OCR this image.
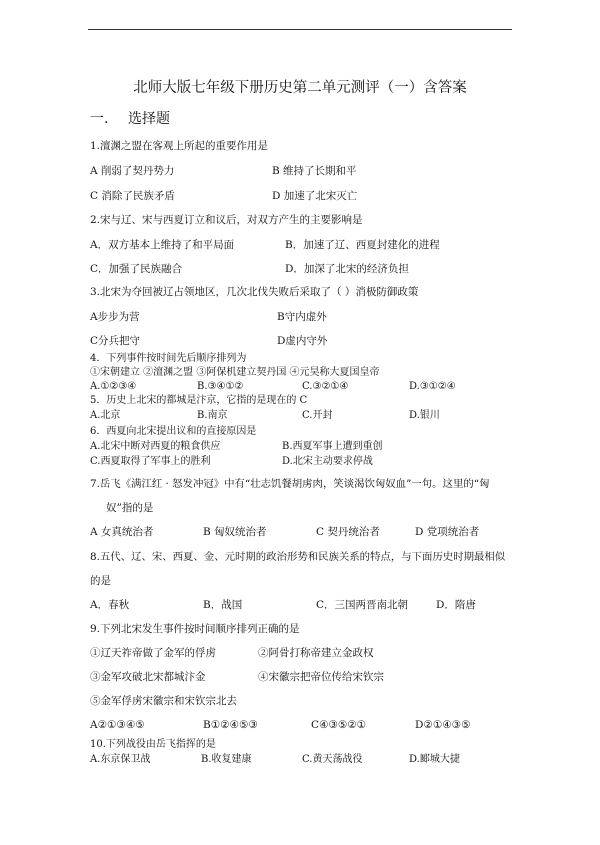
北师大版七年级下册历史第二单元测评（一）含答案
一. 选择题
1.澶渊之盟在客观上所起的重要作用是
A 削弱了契丹势力	B 维持了长期和平
C 消除了民族矛盾	D 加速了北宋灭亡
2.宋与辽、宋与西夏订立和议后，对双方产生的主要影响是
A．双方基本上维持了和平局面	B．加速了辽、西夏封建化的进程
C．加强了民族融合	D．加深了北宋的经济负担
3.北宋为夺回被辽占领地区，几次北伐失败后采取了（ ）消极防御政策
A步步为营	B守内虚外
C分兵把守	D虚内守外
4．下列事件按时间先后顺序排列为
①宋朝建立 ②澶渊之盟 ③阿保机建立契丹国 ④元昊称大夏国皇帝
A.①②③④	B.③④①②	C.③②①④	D.③①②④
5．历史上北宋的都城是汴京，它指的是现在的 C
A.北京	B.南京	C.开封	D.银川
6．西夏向北宋提出议和的直接原因是
A.北宋中断对西夏的粮食供应	B.西夏军事上遭到重创
C.西夏取得了军事上的胜利	D.北宋主动要求停战
7.岳飞《满江红 · 怒发冲冠》中有“壮志饥餐胡虏肉，笑谈渴饮匈奴血”一句。这里的“匈
奴”指的是
A 女真统治者	B 匈奴统治者	C 契丹统治者	D 党项统治者
8.五代、辽、宋、西夏、金、元时期的政治形势和民族关系的特点，与下面历史时期最相似
的是
A．春秋	B．战国	C．三国两晋南北朝	D．隋唐
9.下列北宋发生事件按时间顺序排列正确的是
①辽天祚帝做了金军的俘虏	②阿骨打称帝建立金政权
③金军攻破北宋都城汴金	④宋徽宗把帝位传给宋钦宗
⑤金军俘虏宋徽宗和宋钦宗北去
A②①③④⑤	B①②④⑤③	C④③⑤②①	D②①④③⑤
10.下列战役由岳飞指挥的是
A.东京保卫战	B.收复建康	C.黄天荡战役	D.郾城大捷
